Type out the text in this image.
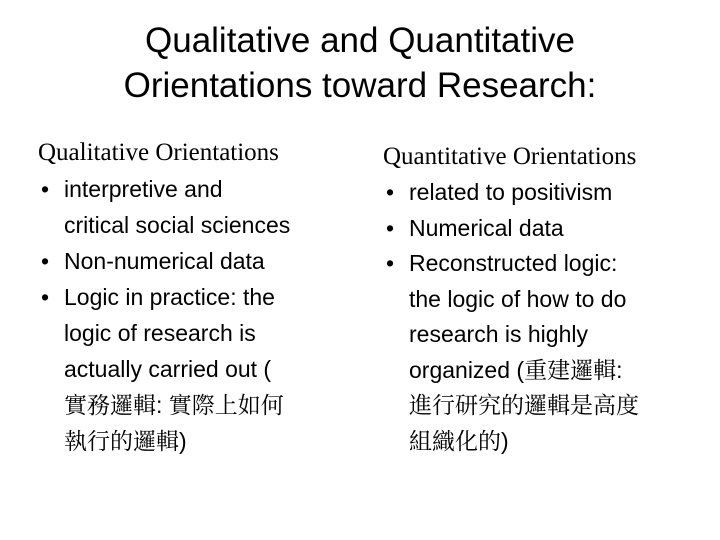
Qualitative and Quantitative
Orientations toward Research:
Qualitative Orientations
• interpretive and
critical social sciences
• Non-numerical data
• Logic in practice: the
logic of research is
actually carried out (
實務邏輯: 實際上如何
執行的邏輯)
Quantitative Orientations
• related to positivism
• Numerical data
• Reconstructed logic:
the logic of how to do
research is highly
organized (重建邏輯:
進行研究的邏輯是高度
組織化的)
